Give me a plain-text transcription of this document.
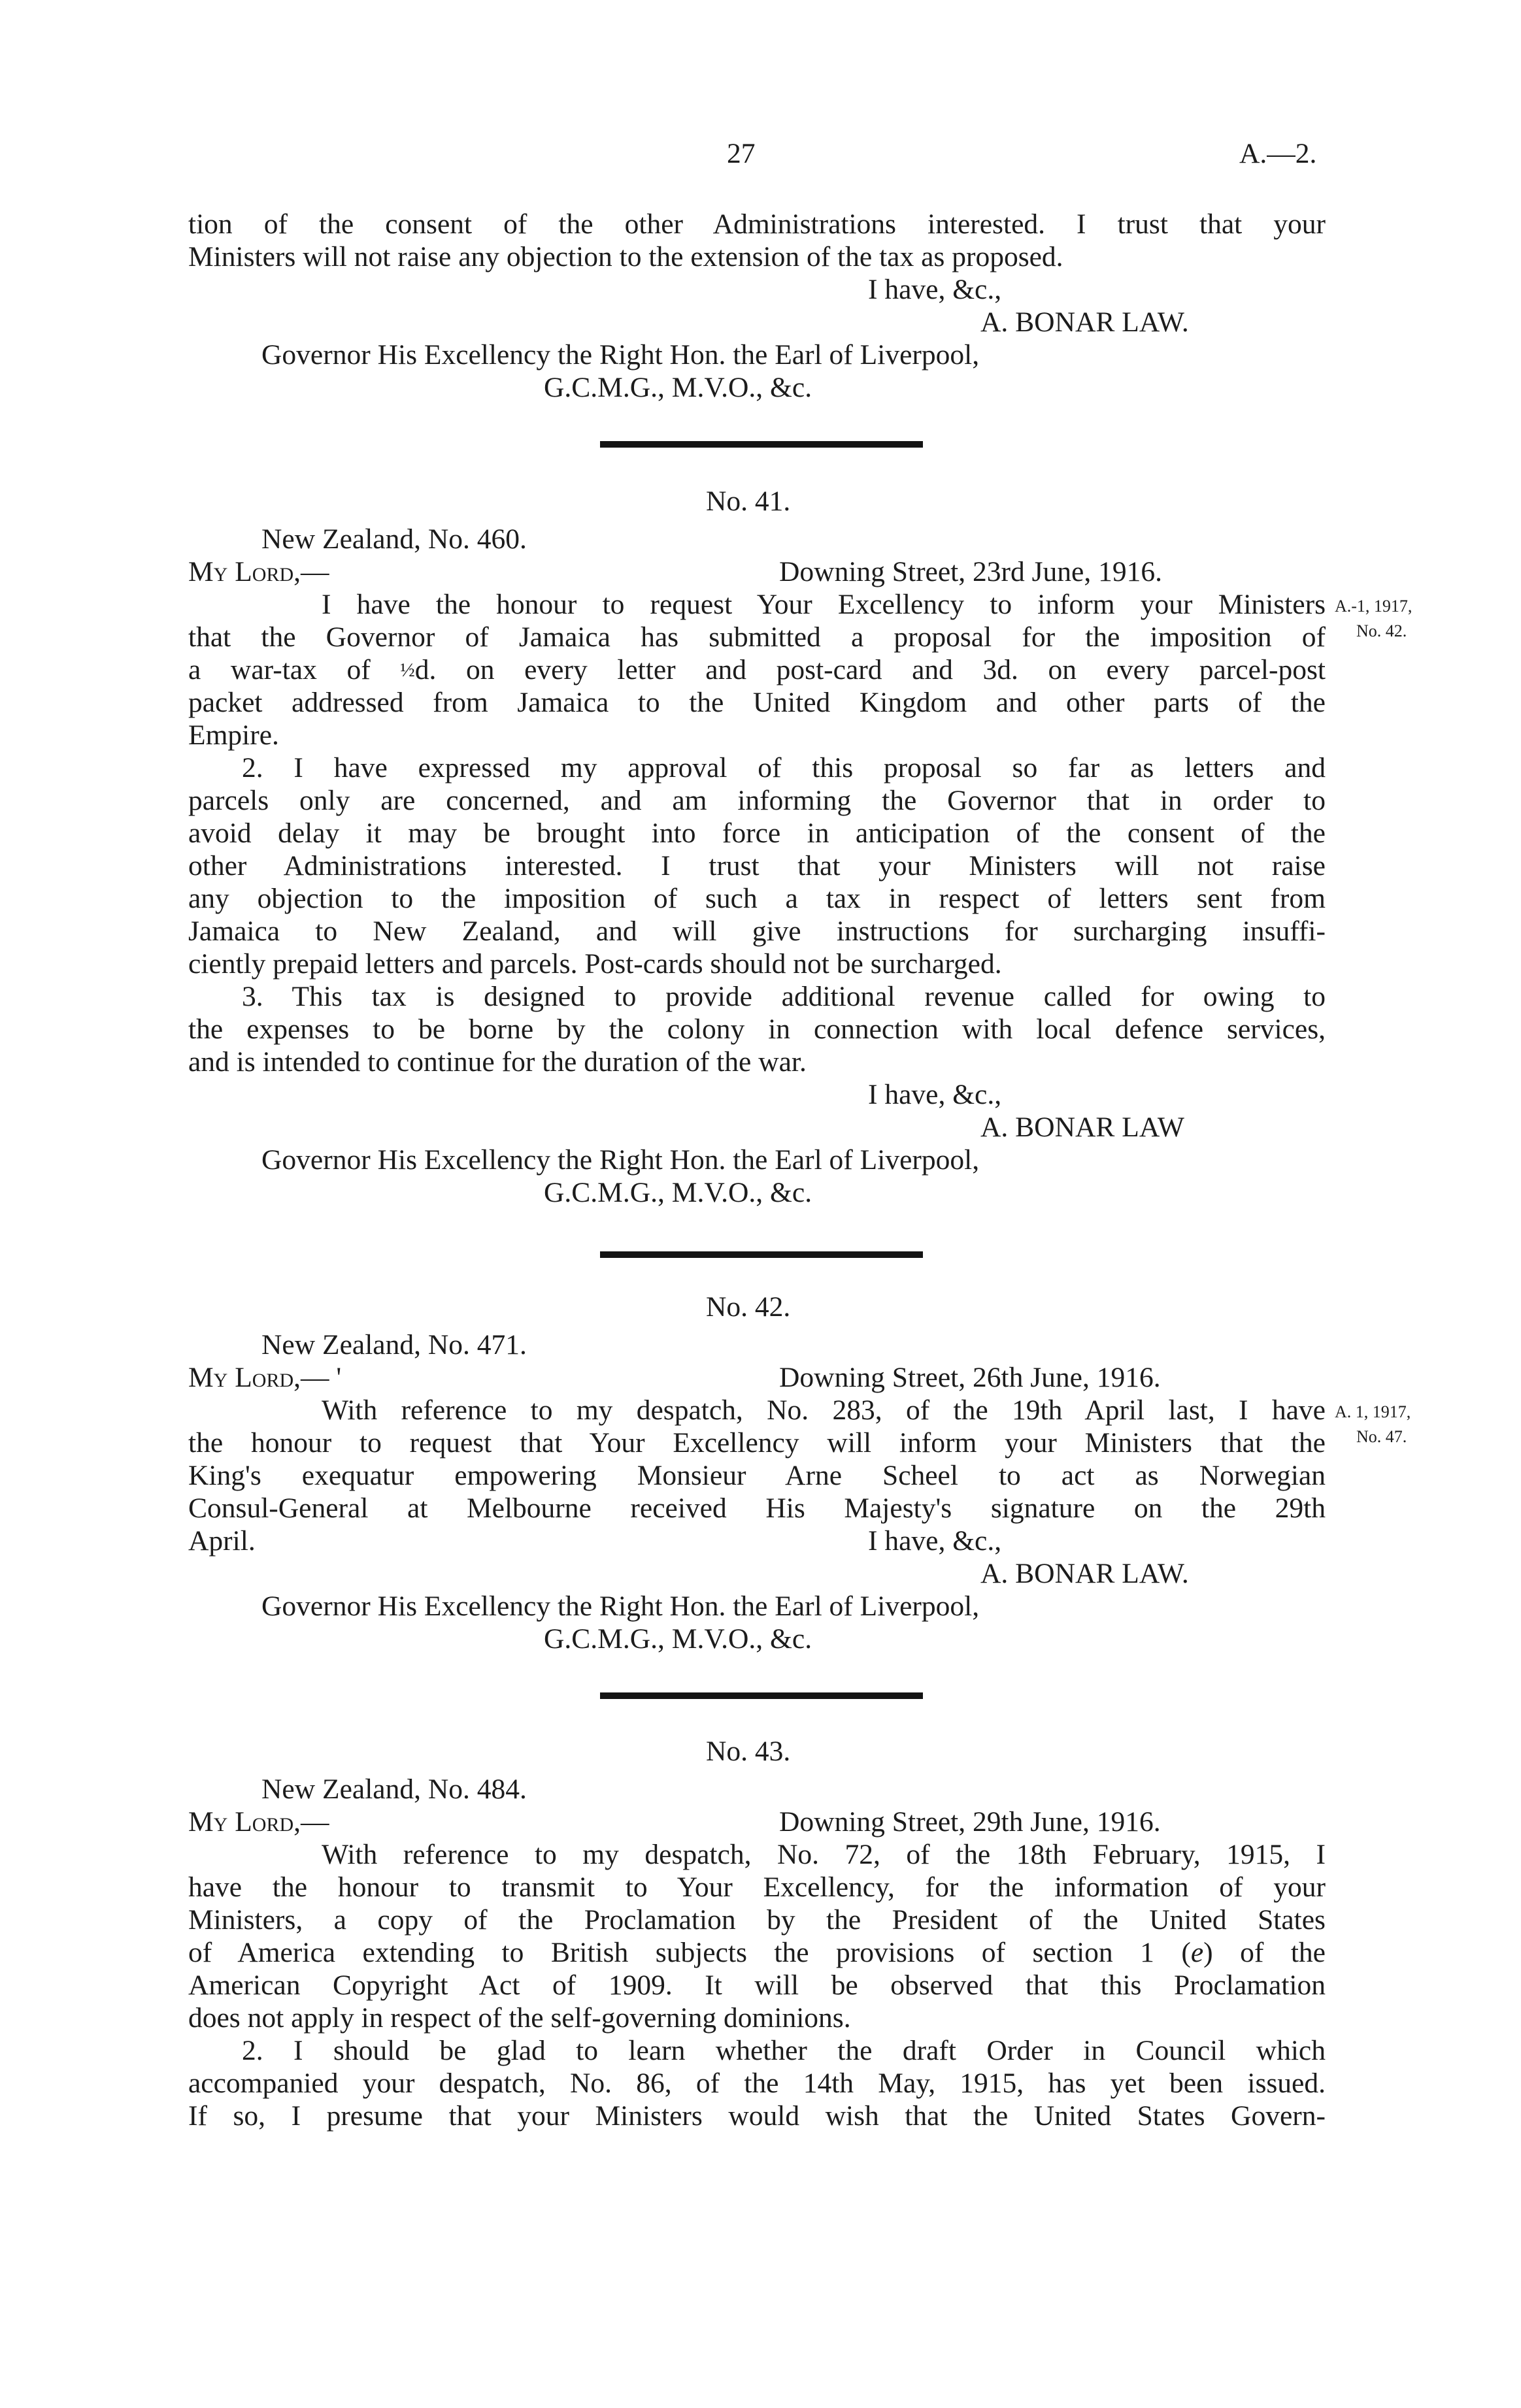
27	A.—2.
tion of the consent of the other Administrations interested. I trust that your
Ministers will not raise any objection to the extension of the tax as proposed.
I have, &c.,
A. BONAR LAW.
Governor His Excellency the Right Hon. the Earl of Liverpool,
G.C.M.G., M.V.O., &c.
No. 41.
New Zealand, No. 460.
My Lord,—	Downing Street, 23rd June, 1916.
I have the honour to request Your Excellency to inform your Ministers
that the Governor of Jamaica has submitted a proposal for the imposition of
a war-tax of ½d. on every letter and post-card and 3d. on every parcel-post
packet addressed from Jamaica to the United Kingdom and other parts of the
Empire.
2. I have expressed my approval of this proposal so far as letters and
parcels only are concerned, and am informing the Governor that in order to
avoid delay it may be brought into force in anticipation of the consent of the
other Administrations interested. I trust that your Ministers will not raise
any objection to the imposition of such a tax in respect of letters sent from
Jamaica to New Zealand, and will give instructions for surcharging insuffi-
ciently prepaid letters and parcels. Post-cards should not be surcharged.
3. This tax is designed to provide additional revenue called for owing to
the expenses to be borne by the colony in connection with local defence services,
and is intended to continue for the duration of the war.
I have, &c.,
A. BONAR LAW
Governor His Excellency the Right Hon. the Earl of Liverpool,
G.C.M.G., M.V.O., &c.
A.-1, 1917,
No. 42.
No. 42.
New Zealand, No. 471.
My Lord,— '	Downing Street, 26th June, 1916.
With reference to my despatch, No. 283, of the 19th April last, I have
the honour to request that Your Excellency will inform your Ministers that the
King's exequatur empowering Monsieur Arne Scheel to act as Norwegian
Consul-General at Melbourne received His Majesty's signature on the 29th
April.	I have, &c.,
A. BONAR LAW.
Governor His Excellency the Right Hon. the Earl of Liverpool,
G.C.M.G., M.V.O., &c.
A. 1, 1917,
No. 47.
No. 43.
New Zealand, No. 484.
My Lord,—	Downing Street, 29th June, 1916.
With reference to my despatch, No. 72, of the 18th February, 1915, I
have the honour to transmit to Your Excellency, for the information of your
Ministers, a copy of the Proclamation by the President of the United States
of America extending to British subjects the provisions of section 1 (e) of the
American Copyright Act of 1909. It will be observed that this Proclamation
does not apply in respect of the self-governing dominions.
2. I should be glad to learn whether the draft Order in Council which
accompanied your despatch, No. 86, of the 14th May, 1915, has yet been issued.
If so, I presume that your Ministers would wish that the United States Govern-
